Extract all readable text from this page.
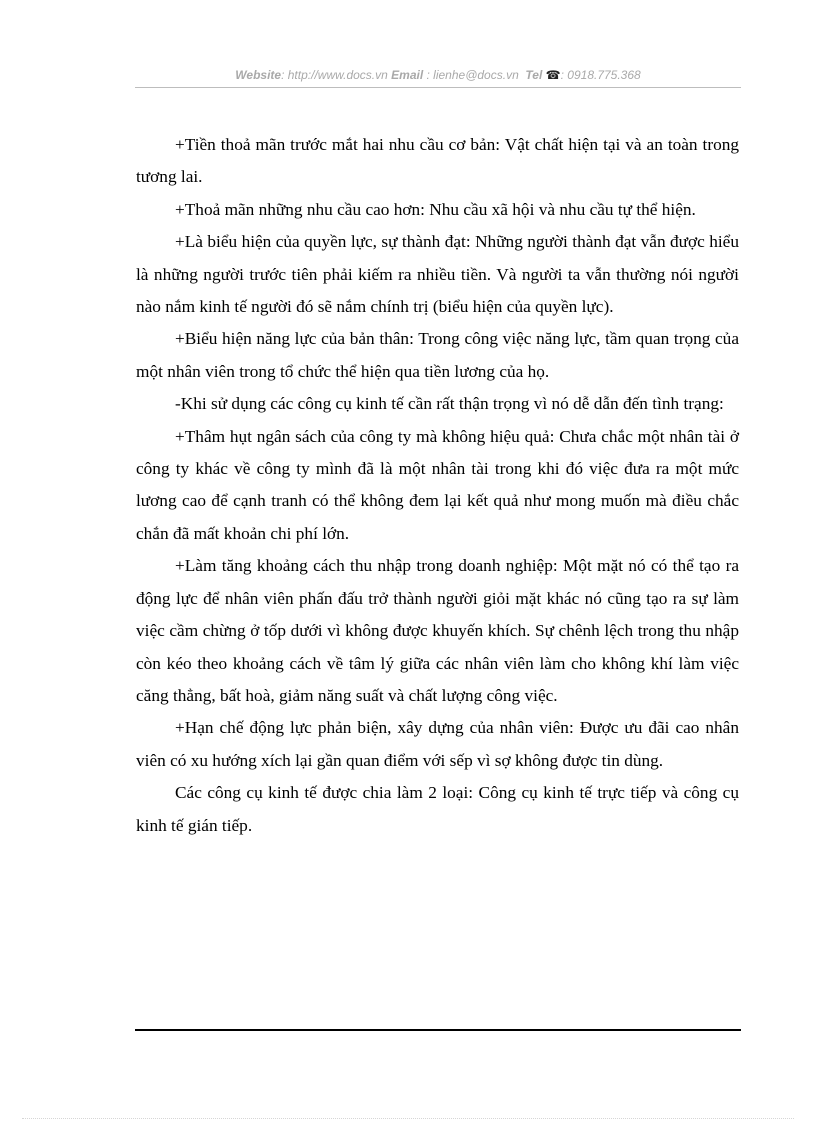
Website: http://www.docs.vn Email : lienhe@docs.vn Tel ☎: 0918.775.368

+Tiền thoả mãn trước mắt hai nhu cầu cơ bản: Vật chất hiện tại và an toàn trong tương lai.

+Thoả mãn những nhu cầu cao hơn: Nhu cầu xã hội và nhu cầu tự thể hiện.

+Là biểu hiện của quyền lực, sự thành đạt: Những người thành đạt vẫn được hiểu là những người trước tiên phải kiếm ra nhiều tiền. Và người ta vẫn thường nói người nào nắm kinh tế người đó sẽ nắm chính trị (biểu hiện của quyền lực).

+Biểu hiện năng lực của bản thân: Trong công việc năng lực, tầm quan trọng của một nhân viên trong tổ chức thể hiện qua tiền lương của họ.

-Khi sử dụng các công cụ kinh tế cần rất thận trọng vì nó dễ dẫn đến tình trạng:

+Thâm hụt ngân sách của công ty mà không hiệu quả: Chưa chắc một nhân tài ở công ty khác về công ty mình đã là một nhân tài trong khi đó việc đưa ra một mức lương cao để cạnh tranh có thể không đem lại kết quả như mong muốn mà điều chắc chắn đã mất khoản chi phí lớn.

+Làm tăng khoảng cách thu nhập trong doanh nghiệp: Một mặt nó có thể tạo ra động lực để nhân viên phấn đấu trở thành người giỏi mặt khác nó cũng tạo ra sự làm việc cầm chừng ở tốp dưới vì không được khuyến khích. Sự chênh lệch trong thu nhập còn kéo theo khoảng cách về tâm lý giữa các nhân viên làm cho không khí làm việc căng thẳng, bất hoà, giảm năng suất và chất lượng công việc.

+Hạn chế động lực phản biện, xây dựng của nhân viên: Được ưu đãi cao nhân viên có xu hướng xích lại gần quan điểm với sếp vì sợ không được tin dùng.

Các công cụ kinh tế được chia làm 2 loại: Công cụ kinh tế trực tiếp và công cụ kinh tế gián tiếp.
